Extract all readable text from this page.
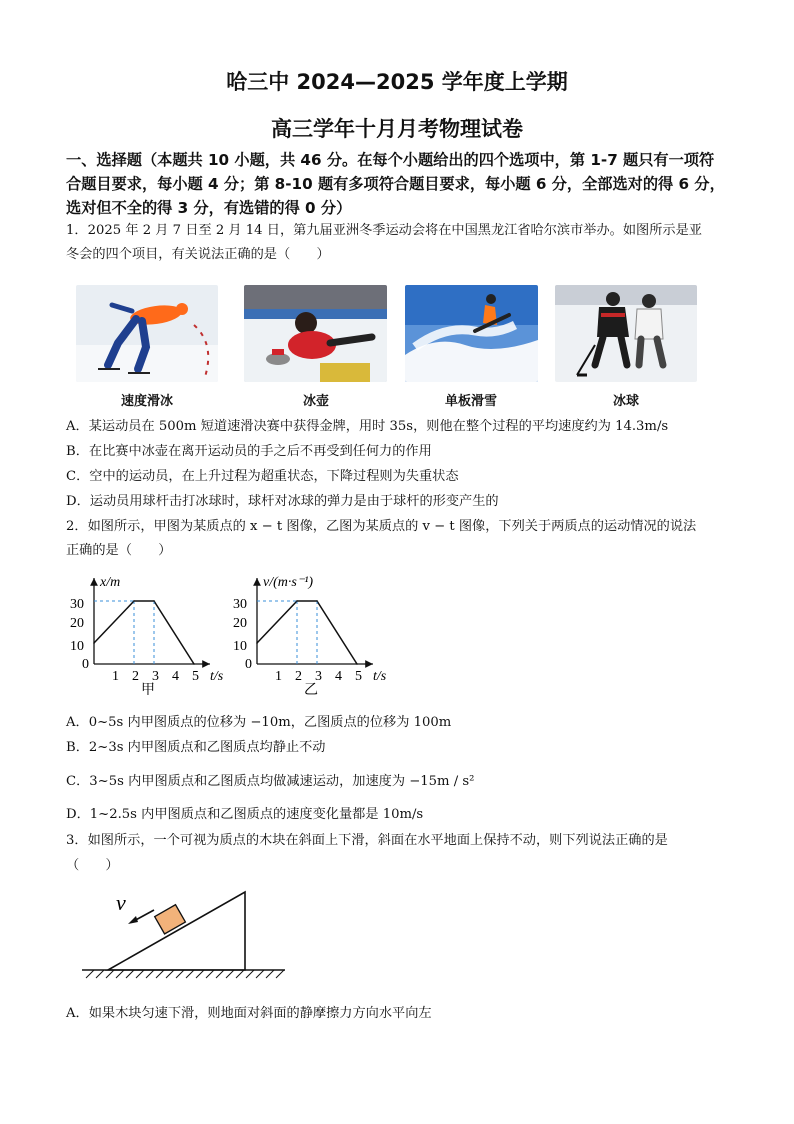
哈三中 2024—2025 学年度上学期
高三学年十月月考物理试卷
一、选择题（本题共 10 小题，共 46 分。在每个小题给出的四个选项中，第 1-7 题只有一项符
合题目要求，每小题 4 分；第 8-10 题有多项符合题目要求，每小题 6 分，全部选对的得 6 分，
选对但不全的得 3 分，有选错的得 0 分）
1．2025 年 2 月 7 日至 2 月 14 日，第九届亚洲冬季运动会将在中国黑龙江省哈尔滨市举办。如图所示是亚
冬会的四个项目，有关说法正确的是（　　）
速度滑冰	冰壶	单板滑雪	冰球
A．某运动员在 500m 短道速滑决赛中获得金牌，用时 35s，则他在整个过程的平均速度约为 14.3m/s
B．在比赛中冰壶在离开运动员的手之后不再受到任何力的作用
C．空中的运动员，在上升过程为超重状态，下降过程则为失重状态
D．运动员用球杆击打冰球时，球杆对冰球的弹力是由于球杆的形变产生的
2．如图所示，甲图为某质点的 x − t 图像，乙图为某质点的 v − t 图像，下列关于两质点的运动情况的说法
正确的是（　　）
x/m
t/s
0
10
20
30
1 2 3 4 5
甲
v/(m·s⁻¹)
t/s
0
10
20
30
1 2 3 4 5
乙
A．0~5s 内甲图质点的位移为 −10m，乙图质点的位移为 100m
B．2~3s 内甲图质点和乙图质点均静止不动
C．3~5s 内甲图质点和乙图质点均做减速运动，加速度为 −15m / s²
D．1~2.5s 内甲图质点和乙图质点的速度变化量都是 10m/s
3．如图所示，一个可视为质点的木块在斜面上下滑，斜面在水平地面上保持不动，则下列说法正确的是
（　　）
v
A．如果木块匀速下滑，则地面对斜面的静摩擦力方向水平向左
